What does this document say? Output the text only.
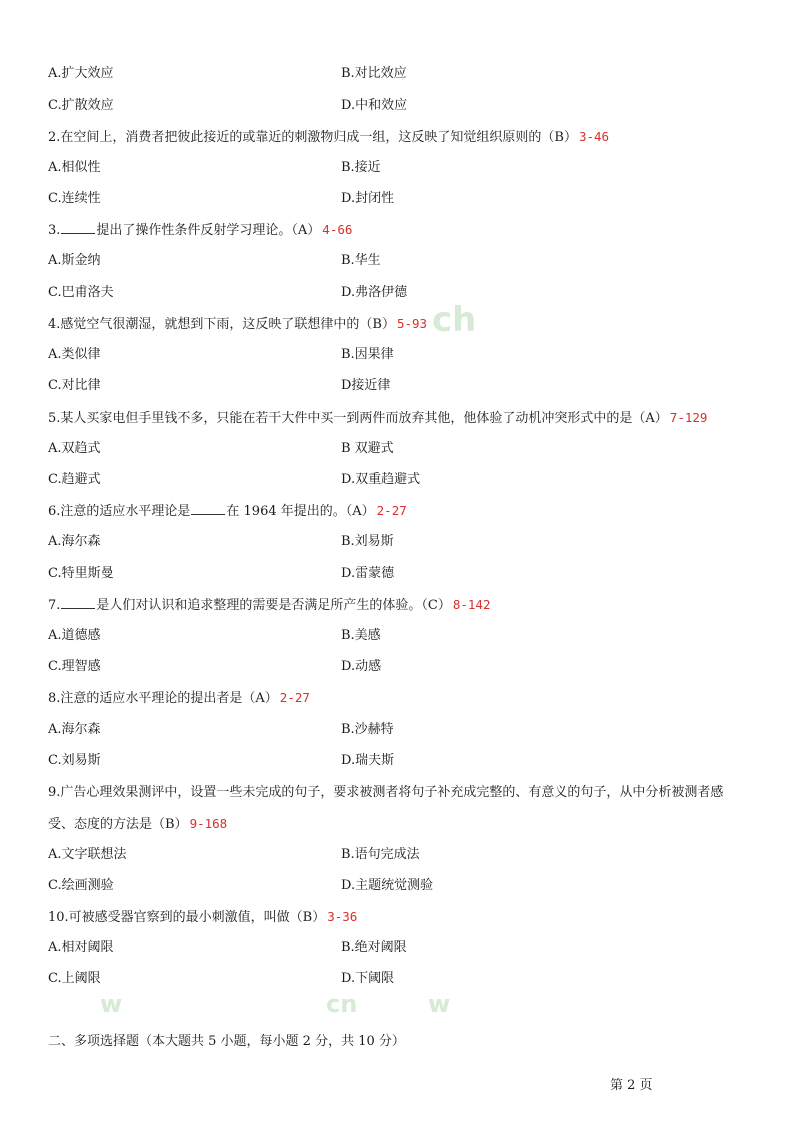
ch
w	cn	w
A.扩大效应	B.对比效应
C.扩散效应	D.中和效应
2.在空间上，消费者把彼此接近的或靠近的刺激物归成一组，这反映了知觉组织原则的（B） 3-46
A.相似性	B.接近
C.连续性	D.封闭性
3.	提出了操作性条件反射学习理论。（A） 4-66
A.斯金纳	B.华生
C.巴甫洛夫	D.弗洛伊德
4.感觉空气很潮湿，就想到下雨，这反映了联想律中的（B） 5-93
A.类似律	B.因果律
C.对比律	D接近律
5.某人买家电但手里钱不多，只能在若干大件中买一到两件而放弃其他，他体验了动机冲突形式中的是（A） 7-129
A.双趋式	B 双避式
C.趋避式	D.双重趋避式
6.注意的适应水平理论是	在 1964 年提出的。（A） 2-27
A.海尔森	B.刘易斯
C.特里斯曼	D.雷蒙德
7.	是人们对认识和追求整理的需要是否满足所产生的体验。（C） 8-142
A.道德感	B.美感
C.理智感	D.动感
8.注意的适应水平理论的提出者是（A） 2-27
A.海尔森	B.沙赫特
C.刘易斯	D.瑞夫斯
9.广告心理效果测评中，设置一些未完成的句子，要求被测者将句子补充成完整的、有意义的句子，从中分析被测者感受、态度的方法是（B） 9-168
A.文字联想法	B.语句完成法
C.绘画测验	D.主题统觉测验
10.可被感受器官察到的最小刺激值，叫做（B） 3-36
A.相对阈限	B.绝对阈限
C.上阈限	D.下阈限
二、多项选择题（本大题共 5 小题，每小题 2 分，共 10 分）
第 2 页
